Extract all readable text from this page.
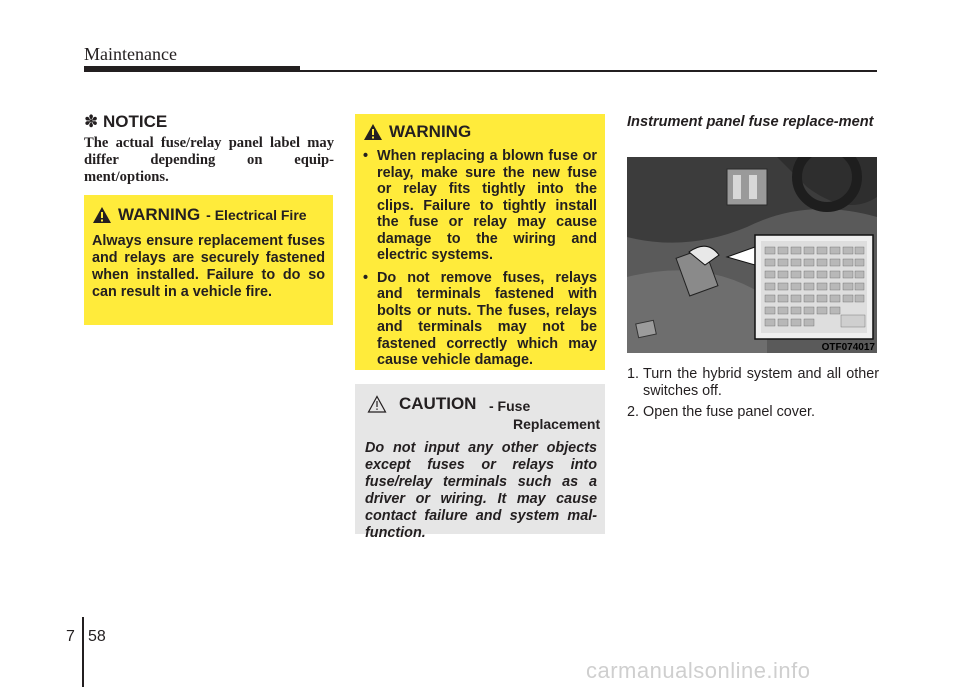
Maintenance
✽ NOTICE
The actual fuse/relay panel label may differ depending on equip-ment/options.
WARNING - Electrical Fire
Always ensure replacement fuses and relays are securely fastened when installed. Failure to do so can result in a vehicle fire.
WARNING
• When replacing a blown fuse or relay, make sure the new fuse or relay fits tightly into the clips. Failure to tightly install the fuse or relay may cause damage to the wiring and electric systems.
• Do not remove fuses, relays and terminals fastened with bolts or nuts. The fuses, relays and terminals may not be fastened correctly which may cause vehicle damage.
CAUTION - Fuse
Replacement
Do not input any other objects except fuses or relays into fuse/relay terminals such as a driver or wiring. It may cause contact failure and system mal-function.
Instrument panel fuse replace-ment
OTF074017
1. Turn the hybrid system and all other switches off.
2. Open the fuse panel cover.
7 58
carmanualsonline.info
